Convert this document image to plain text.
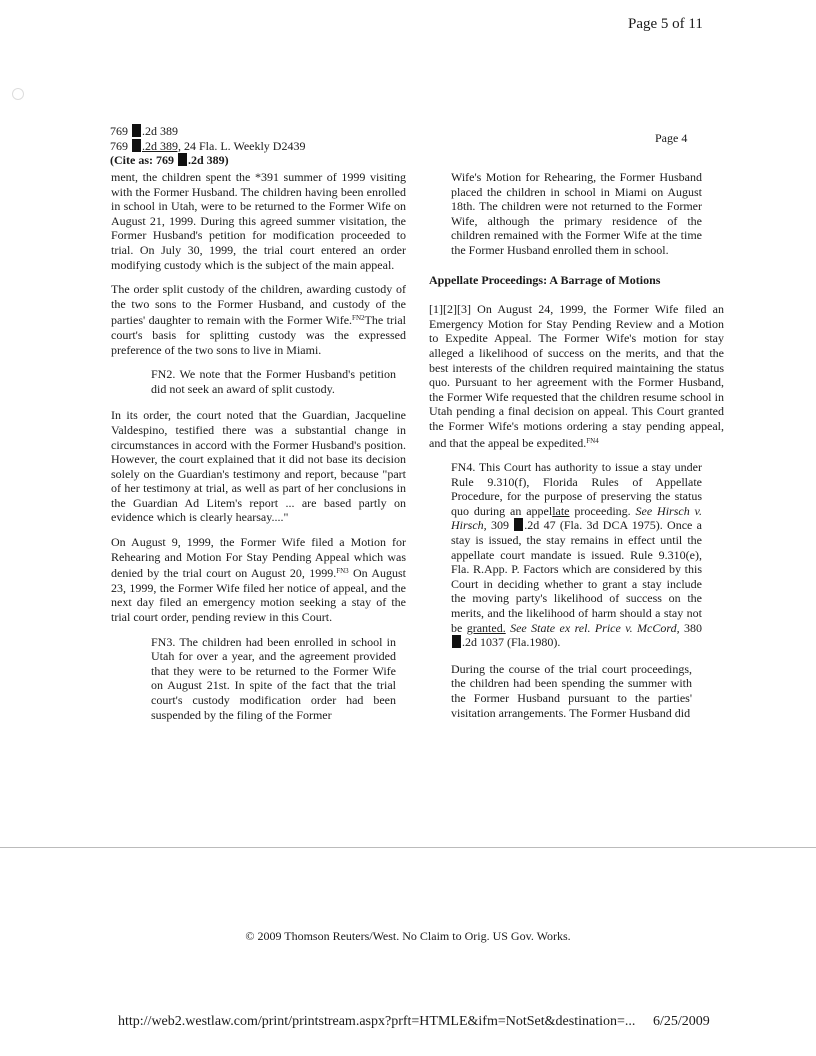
Page 5 of 11
769 .2d 389
769 .2d 389, 24 Fla. L. Weekly D2439
(Cite as: 769 .2d 389)
Page 4

ment, the children spent the *391 summer of 1999 visiting with the Former Husband. The children having been enrolled in school in Utah, were to be returned to the Former Wife on August 21, 1999. During this agreed summer visitation, the Former Husband's petition for modification proceeded to trial. On July 30, 1999, the trial court entered an order modifying custody which is the subject of the main appeal.

The order split custody of the children, awarding custody of the two sons to the Former Husband, and custody of the parties' daughter to remain with the Former Wife.$^{FN2}$The trial court's basis for splitting custody was the expressed preference of the two sons to live in Miami.

FN2. We note that the Former Husband's petition did not seek an award of split custody.

In its order, the court noted that the Guardian, Jacqueline Valdespino, testified there was a substantial change in circumstances in accord with the Former Husband's position. However, the court explained that it did not base its decision solely on the Guardian's testimony and report, because "part of her testimony at trial, as well as part of her conclusions in the Guardian Ad Litem's report ... are based partly on evidence which is clearly hearsay...."

On August 9, 1999, the Former Wife filed a Motion for Rehearing and Motion For Stay Pending Appeal which was denied by the trial court on August 20, 1999.$^{FN3}$ On August 23, 1999, the Former Wife filed her notice of appeal, and the next day filed an emergency motion seeking a stay of the trial court order, pending review in this Court.

FN3. The children had been enrolled in school in Utah for over a year, and the agreement provided that they were to be returned to the Former Wife on August 21st. In spite of the fact that the trial court's custody modification order had been suspended by the filing of the Former
Wife's Motion for Rehearing, the Former Husband placed the children in school in Miami on August 18th. The children were not returned to the Former Wife, although the primary residence of the children remained with the Former Wife at the time the Former Husband enrolled them in school.
Appellate Proceedings: A Barrage of Motions

[1][2][3] On August 24, 1999, the Former Wife filed an Emergency Motion for Stay Pending Review and a Motion to Expedite Appeal. The Former Wife's motion for stay alleged a likelihood of success on the merits, and that the best interests of the children required maintaining the status quo. Pursuant to her agreement with the Former Husband, the Former Wife requested that the children resume school in Utah pending a final decision on appeal. This Court granted the Former Wife's motions ordering a stay pending appeal, and that the appeal be expedited.$^{FN4}$

FN4. This Court has authority to issue a stay under Rule 9.310(f), Florida Rules of Appellate Procedure, for the purpose of preserving the status quo during an appellate proceeding. See Hirsch v. Hirsch, 309 .2d 47 (Fla. 3d DCA 1975). Once a stay is issued, the stay remains in effect until the appellate court mandate is issued. Rule 9.310(e), Fla. R.App. P. Factors which are considered by this Court in deciding whether to grant a stay include the moving party's likelihood of success on the merits, and the likelihood of harm should a stay not be granted. See State ex rel. Price v. McCord, 380 .2d 1037 (Fla.1980).
During the course of the trial court proceedings, the children had been spending the summer with the Former Husband pursuant to the parties' visitation arrangements. The Former Husband did
© 2009 Thomson Reuters/West. No Claim to Orig. US Gov. Works.
http://web2.westlaw.com/print/printstream.aspx?prft=HTMLE&ifm=NotSet&destination=... 6/25/2009
